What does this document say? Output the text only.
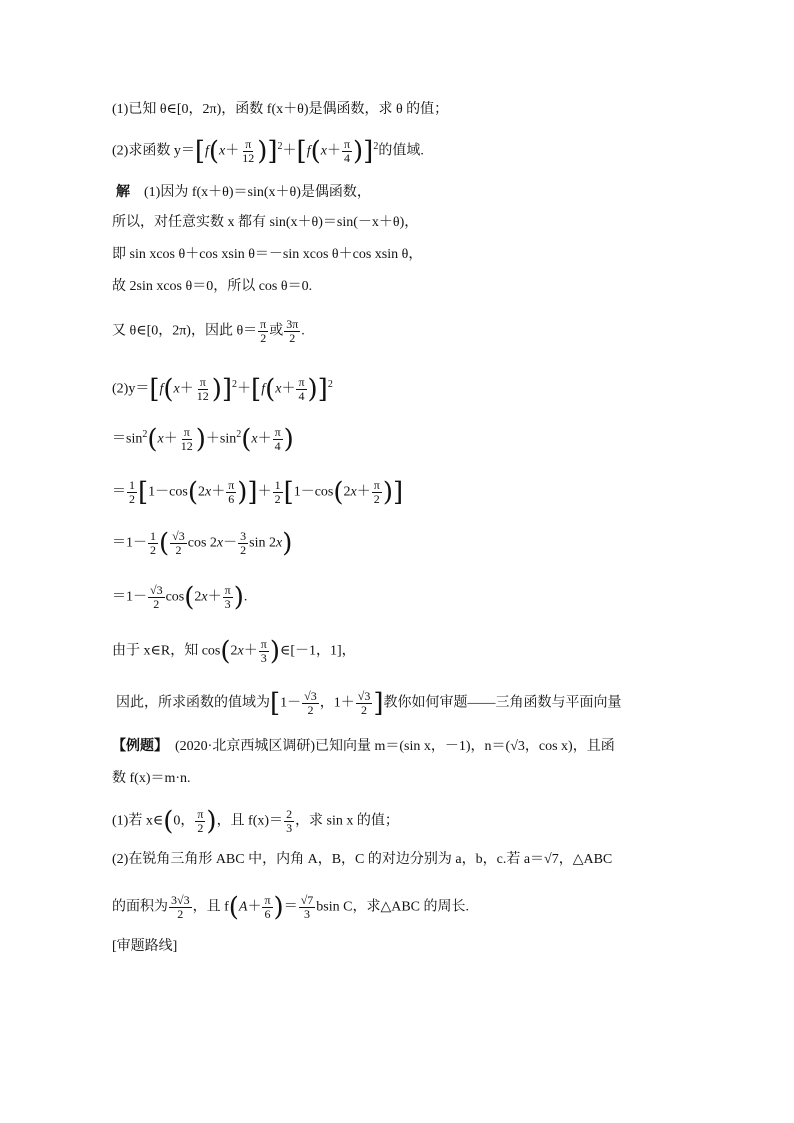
(1)已知 θ∈[0，2π)，函数 f(x＋θ)是偶函数，求 θ 的值；
(2)求函数 $y=[f(x+ \frac{\pi}{12} )]^2+[f(x+ \frac{\pi}{4} )]^2$的值域.
解　 (1)因为 f(x＋θ)＝sin(x＋θ)是偶函数，
所以，对任意实数 x 都有 sin(x＋θ)＝sin(－x＋θ)，
即 sin xcos θ＋cos xsin θ＝－sin xcos θ＋cos xsin θ，
故 2sin xcos θ＝0，所以 cos θ＝0.
又 θ∈[0，2π)，因此 $\theta= \frac{\pi}{2}$ 或 $\frac{3\pi}{2}$ .
$(2)y=[f(x+ \frac{\pi}{12} )]^2+[f(x+ \frac{\pi}{4} )]^2$
$=\sin^2(x+ \frac{\pi}{12} )+\sin^2(x+ \frac{\pi}{4}$ )
＝ $\frac{1}{2} [1-\cos(2x+ \frac{\pi}{6}$ )]＋ $\frac{1}{2} [1-\cos(2x+ \frac{\pi}{2}$ )]
$=1- \frac{1}{2}$ ( $\frac{√3}{2}$ $\cos 2x- \frac{3}{2}$ sin 2x)
$=1- \frac{√3}{2} \cos(2x+ \frac{\pi}{3}$ ).
由于 x∈R，知 $\cos(2x+ \frac{\pi}{3}$ )∈[－1，1]，
因此，所求函数的值域为[$1- \frac{√3}{2}$ ，$1+ \frac{√3}{2}$ ]教你如何审题——三角函数与平面向量
【例题】　 (2020·北京西城区调研)已知向量 m＝(sin x，－1)，n＝(√3，cos x)，且函
数 f(x)＝m·n.
(1)若 x∈(0， $\frac{\pi}{2}$ )，且 $f(x)= \frac{2}{3}$ ，求 sin x 的值；
(2)在锐角三角形 ABC 中，内角 A，B，C 的对边分别为 a，b，c.若 a＝√7，△ABC
的面积为 $\frac{3√3}{2}$ ，且 $f(A+ \frac{\pi}{6}$ )＝ $\frac{√7}{3}$ bsin C，求△ABC 的周长.
[审题路线]
